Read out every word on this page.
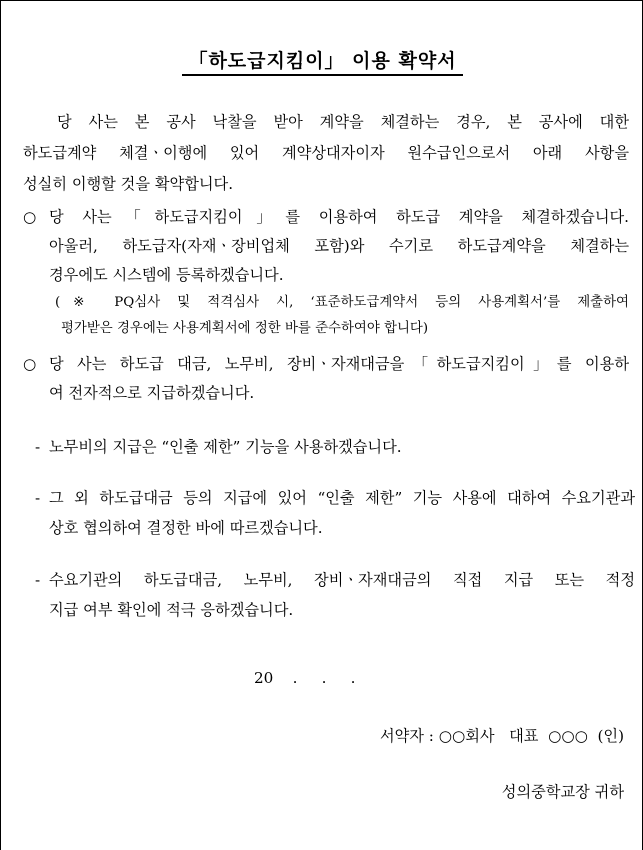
「하도급지킴이」 이용 확약서
당 사는 본 공사 낙찰을 받아 계약을 체결하는 경우, 본 공사에 대한
하도급계약 체결ㆍ이행에 있어 계약상대자이자 원수급인으로서 아래 사항을
성실히 이행할 것을 확약합니다.
○ 당 사는「하도급지킴이」를 이용하여 하도급 계약을 체결하겠습니다.
아울러, 하도급자(자재ㆍ장비업체 포함)와 수기로 하도급계약을 체결하는
경우에도 시스템에 등록하겠습니다.
(※ PQ심사 및 적격심사 시, ‘표준하도급계약서 등의 사용계획서’를 제출하여
평가받은 경우에는 사용계획서에 정한 바를 준수하여야 합니다)
○ 당 사는 하도급 대금, 노무비, 장비ㆍ자재대금을「하도급지킴이」를 이용하
여 전자적으로 지급하겠습니다.
- 노무비의 지급은 “인출 제한” 기능을 사용하겠습니다.
- 그 외 하도급대금 등의 지급에 있어 “인출 제한” 기능 사용에 대하여 수요기관과
상호 협의하여 결정한 바에 따르겠습니다.
- 수요기관의 하도급대금, 노무비, 장비ㆍ자재대금의 직접 지급 또는 적정
지급 여부 확인에 적극 응하겠습니다.
20    .     .     .
서약자 : ○○회사   대표  ○○○  (인)
성의중학교장 귀하
